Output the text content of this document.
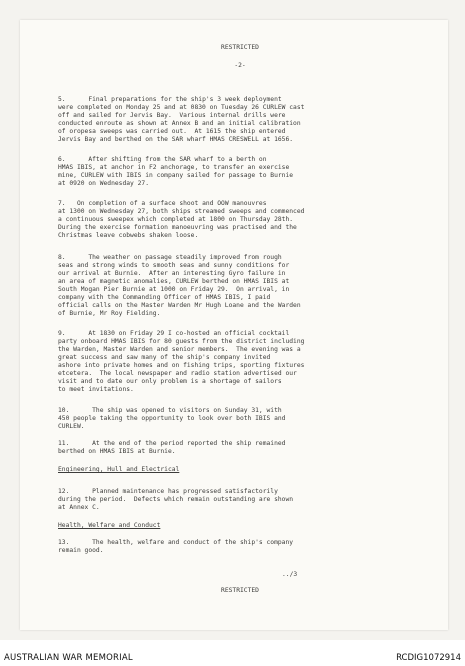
RESTRICTED
-2-
5.	Final preparations for the ship's 3 week deployment
were completed on Monday 25 and at 0830 on Tuesday 26 CURLEW cast
off and sailed for Jervis Bay.  Various internal drills were
conducted enroute as shown at Annex B and an initial calibration
of oropesa sweeps was carried out.  At 1615 the ship entered
Jervis Bay and berthed on the SAR wharf HMAS CRESWELL at 1656.
6.	After shifting from the SAR wharf to a berth on
HMAS IBIS, at anchor in F2 anchorage, to transfer an exercise
mine, CURLEW with IBIS in company sailed for passage to Burnie
at 0920 on Wednesday 27.
7.   On completion of a surface shoot and OOW manouvres
at 1300 on Wednesday 27, both ships streamed sweeps and commenced
a continuous sweepex which completed at 1800 on Thursday 28th.
During the exercise formation manoeuvring was practised and the
Christmas leave cobwebs shaken loose.
8.	The weather on passage steadily improved from rough
seas and strong winds to smooth seas and sunny conditions for
our arrival at Burnie.  After an interesting Gyro failure in
an area of magnetic anomalies, CURLEW berthed on HMAS IBIS at
South Mogan Pier Burnie at 1000 on Friday 29.  On arrival, in
company with the Commanding Officer of HMAS IBIS, I paid
official calls on the Master Warden Mr Hugh Loane and the Warden
of Burnie, Mr Roy Fielding.
9.	At 1830 on Friday 29 I co-hosted an official cocktail
party onboard HMAS IBIS for 80 guests from the district including
the Warden, Master Warden and senior members.  The evening was a
great success and saw many of the ship's company invited
ashore into private homes and on fishing trips, sporting fixtures
etcetera.  The local newspaper and radio station advertised our
visit and to date our only problem is a shortage of sailors
to meet invitations.
10.	The ship was opened to visitors on Sunday 31, with
450 people taking the opportunity to look over both IBIS and
CURLEW.
11.	At the end of the period reported the ship remained
berthed on HMAS IBIS at Burnie.
Engineering, Hull and Electrical
12.	Planned maintenance has progressed satisfactorily
during the period.  Defects which remain outstanding are shown
at Annex C.
Health, Welfare and Conduct
13.	The health, welfare and conduct of the ship's company
remain good.
../3
RESTRICTED
AUSTRALIAN WAR MEMORIAL	RCDIG1072914
